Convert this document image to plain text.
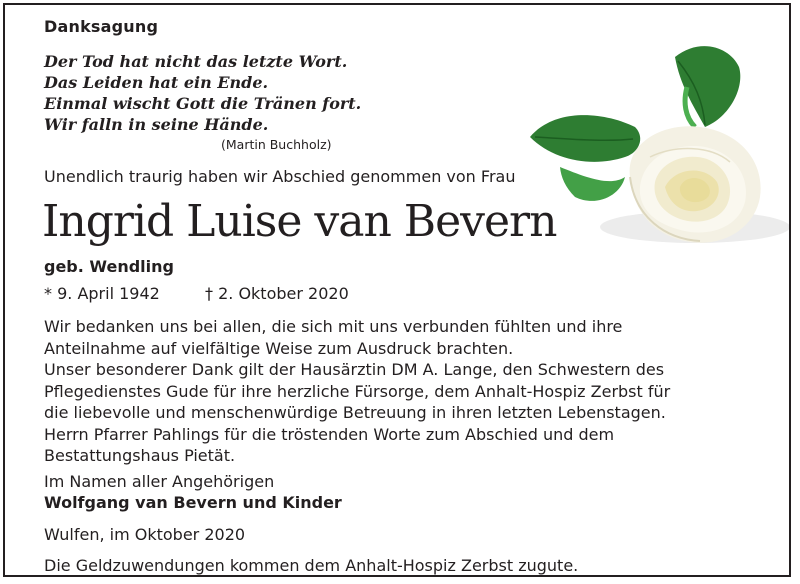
Danksagung
Der Tod hat nicht das letzte Wort.
Das Leiden hat ein Ende.
Einmal wischt Gott die Tränen fort.
Wir falln in seine Hände.
(Martin Buchholz)
Unendlich traurig haben wir Abschied genommen von Frau
Ingrid Luise van Bevern
geb. Wendling
* 9. April 1942	† 2. Oktober 2020
Wir bedanken uns bei allen, die sich mit uns verbunden fühlten und ihre
Anteilnahme auf vielfältige Weise zum Ausdruck brachten.
Unser besonderer Dank gilt der Hausärztin DM A. Lange, den Schwestern des
Pflegedienstes Gude für ihre herzliche Fürsorge, dem Anhalt-Hospiz Zerbst für
die liebevolle und menschenwürdige Betreuung in ihren letzten Lebenstagen.
Herrn Pfarrer Pahlings für die tröstenden Worte zum Abschied und dem
Bestattungshaus Pietät.
Im Namen aller Angehörigen
Wolfgang van Bevern und Kinder
Wulfen, im Oktober 2020
Die Geldzuwendungen kommen dem Anhalt-Hospiz Zerbst zugute.
